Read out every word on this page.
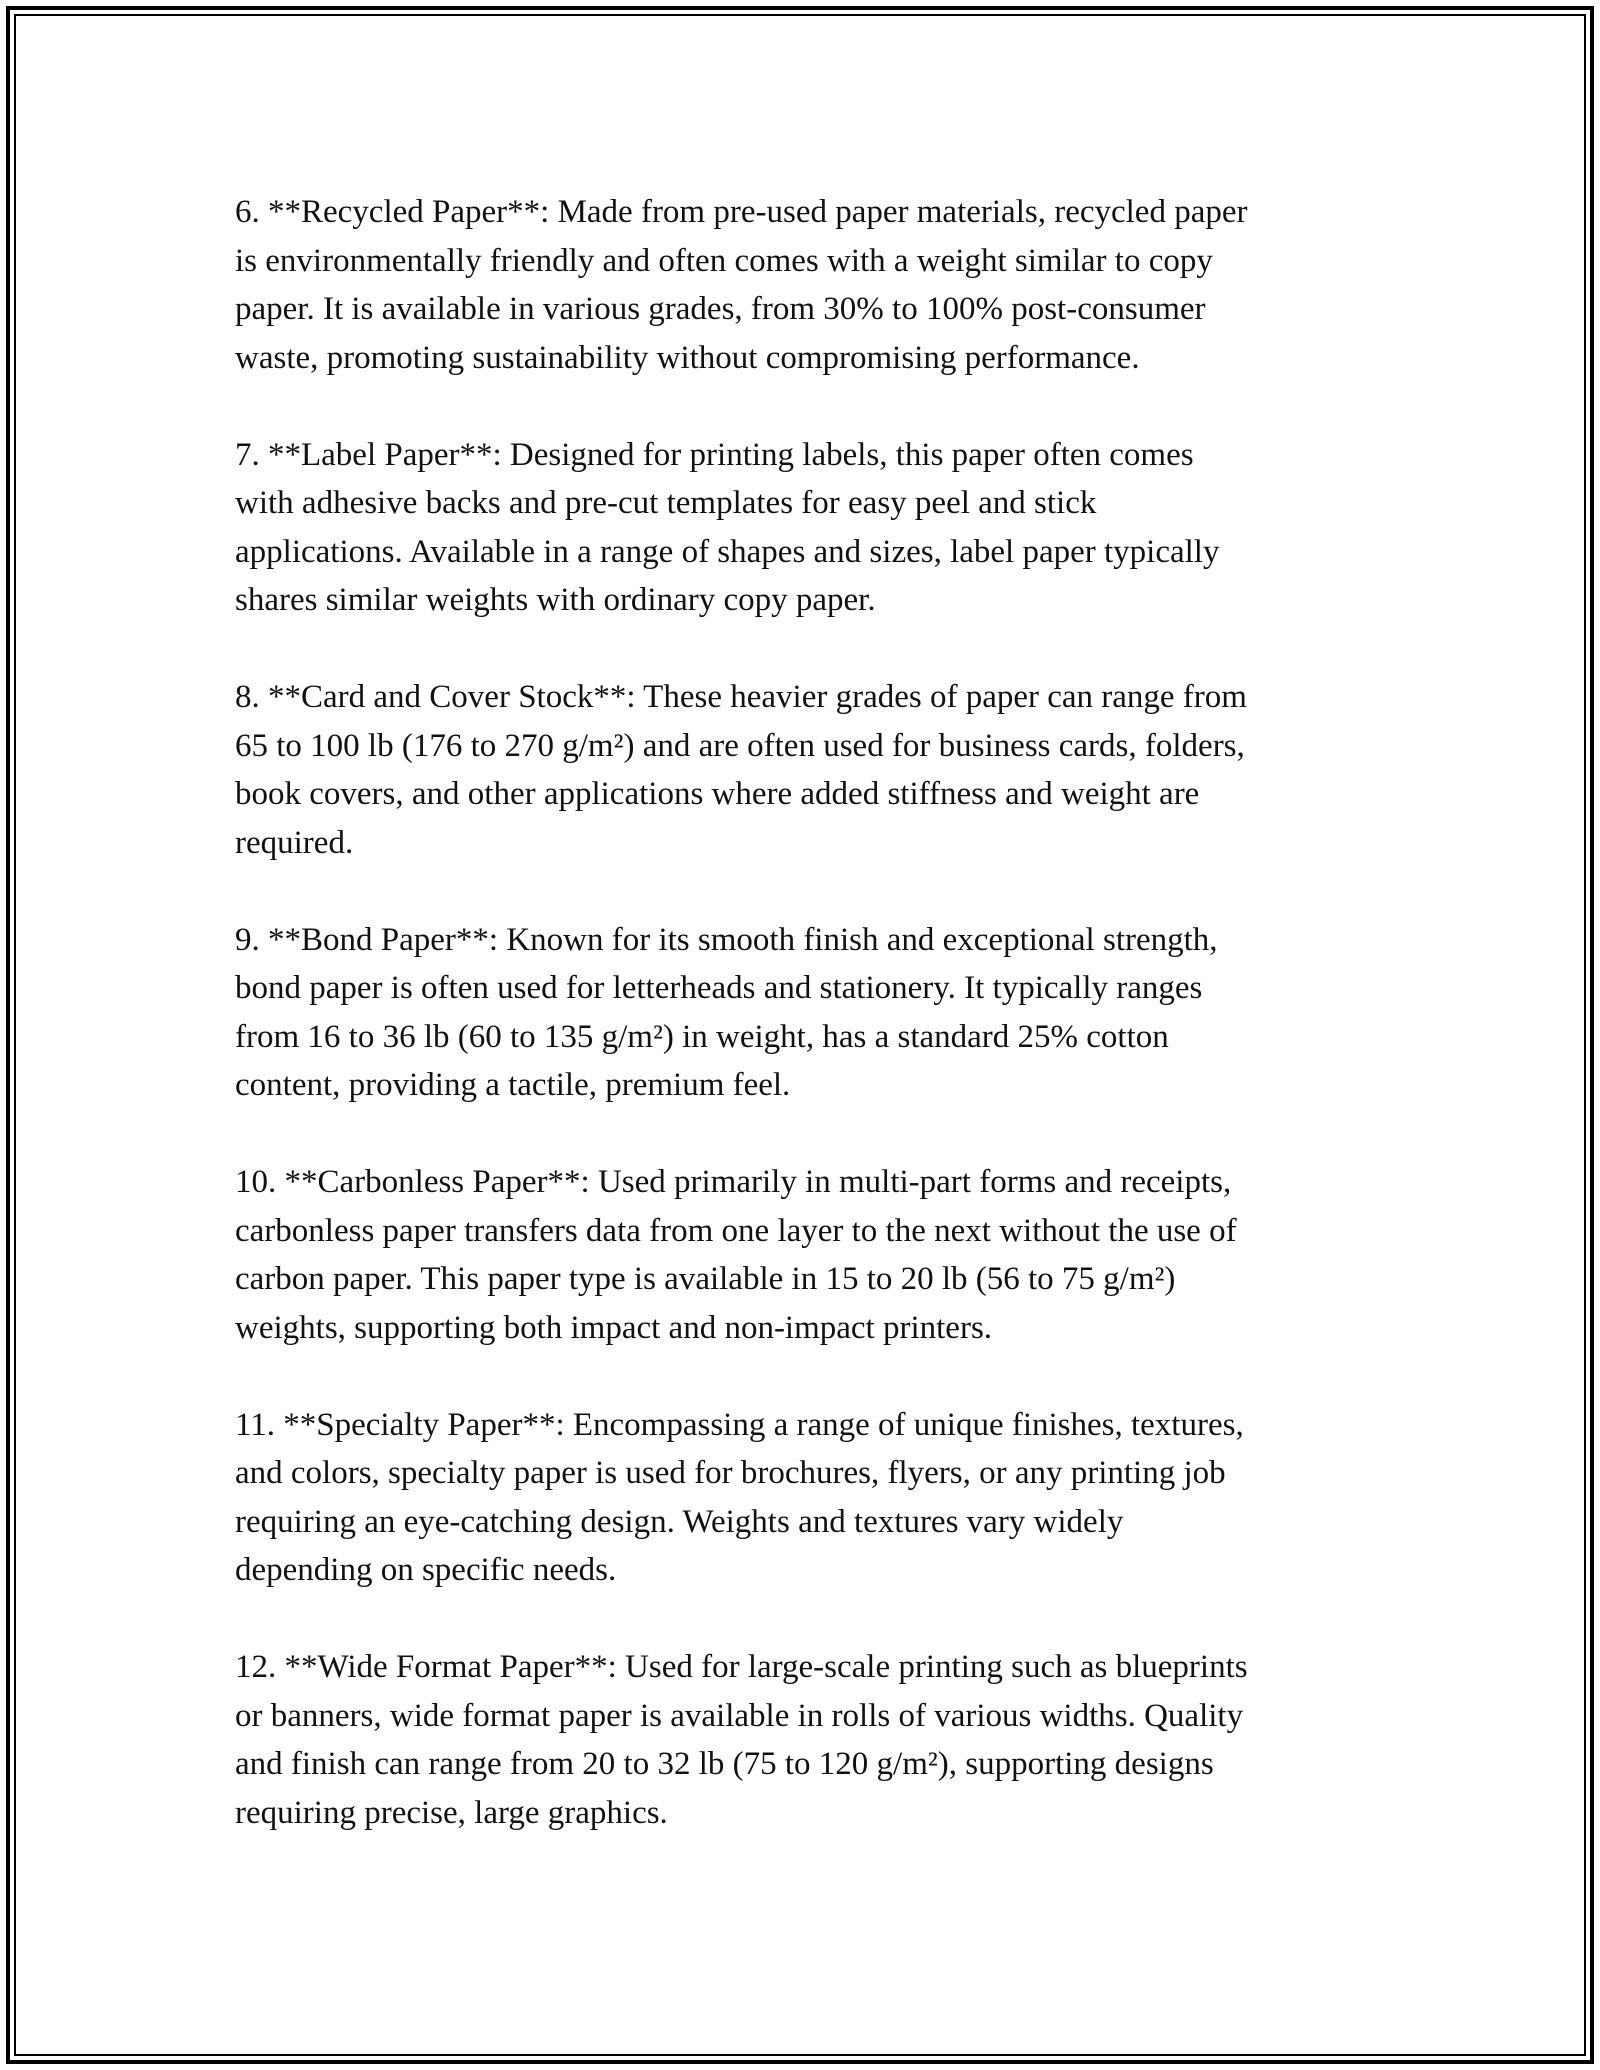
6. **Recycled Paper**: Made from pre-used paper materials, recycled paper
is environmentally friendly and often comes with a weight similar to copy
paper. It is available in various grades, from 30% to 100% post-consumer
waste, promoting sustainability without compromising performance.

7. **Label Paper**: Designed for printing labels, this paper often comes
with adhesive backs and pre-cut templates for easy peel and stick
applications. Available in a range of shapes and sizes, label paper typically
shares similar weights with ordinary copy paper.

8. **Card and Cover Stock**: These heavier grades of paper can range from
65 to 100 lb (176 to 270 g/m²) and are often used for business cards, folders,
book covers, and other applications where added stiffness and weight are
required.

9. **Bond Paper**: Known for its smooth finish and exceptional strength,
bond paper is often used for letterheads and stationery. It typically ranges
from 16 to 36 lb (60 to 135 g/m²) in weight, has a standard 25% cotton
content, providing a tactile, premium feel.

10. **Carbonless Paper**: Used primarily in multi-part forms and receipts,
carbonless paper transfers data from one layer to the next without the use of
carbon paper. This paper type is available in 15 to 20 lb (56 to 75 g/m²)
weights, supporting both impact and non-impact printers.

11. **Specialty Paper**: Encompassing a range of unique finishes, textures,
and colors, specialty paper is used for brochures, flyers, or any printing job
requiring an eye-catching design. Weights and textures vary widely
depending on specific needs.

12. **Wide Format Paper**: Used for large-scale printing such as blueprints
or banners, wide format paper is available in rolls of various widths. Quality
and finish can range from 20 to 32 lb (75 to 120 g/m²), supporting designs
requiring precise, large graphics.
